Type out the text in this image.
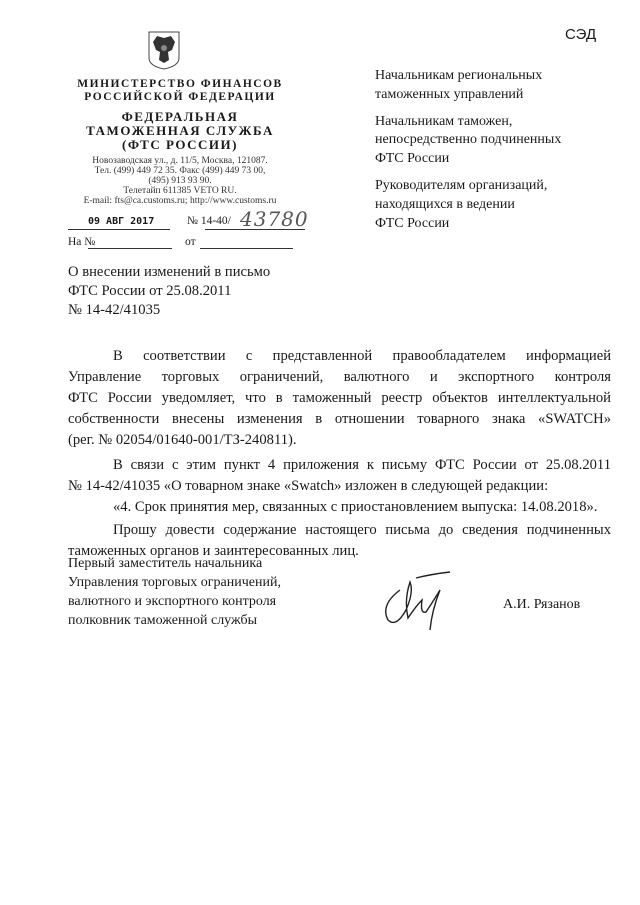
СЭД
МИНИСТЕРСТВО ФИНАНСОВ
РОССИЙСКОЙ ФЕДЕРАЦИИ
ФЕДЕРАЛЬНАЯ
ТАМОЖЕННАЯ СЛУЖБА
(ФТС РОССИИ)
Новозаводская ул., д. 11/5, Москва, 121087.
Тел. (499) 449 72 35. Факс (499) 449 73 00,
(495) 913 93 90.
Телетайп 611385 VETO RU.
E-mail: fts@ca.customs.ru; http://www.customs.ru
09 АВГ 2017	№ 14-40/ 43780
На №	от
Начальникам региональных
таможенных управлений
Начальникам таможен,
непосредственно подчиненных
ФТС России
Руководителям организаций,
находящихся в ведении
ФТС России
О внесении изменений в письмо
ФТС России от 25.08.2011
№ 14-42/41035
В соответствии с представленной правообладателем информацией
Управление торговых ограничений, валютного и экспортного контроля
ФТС России уведомляет, что в таможенный реестр объектов интеллектуальной
собственности внесены изменения в отношении товарного знака «SWATCH»
(рег. № 02054/01640-001/ТЗ-240811).
В связи с этим пункт 4 приложения к письму ФТС России от 25.08.2011
№ 14-42/41035 «О товарном знаке «Swatch» изложен в следующей редакции:
«4. Срок принятия мер, связанных с приостановлением выпуска: 14.08.2018».
Прошу довести содержание настоящего письма до сведения подчиненных
таможенных органов и заинтересованных лиц.
Первый заместитель начальника
Управления торговых ограничений,
валютного и экспортного контроля
полковник таможенной службы
А.И. Рязанов
